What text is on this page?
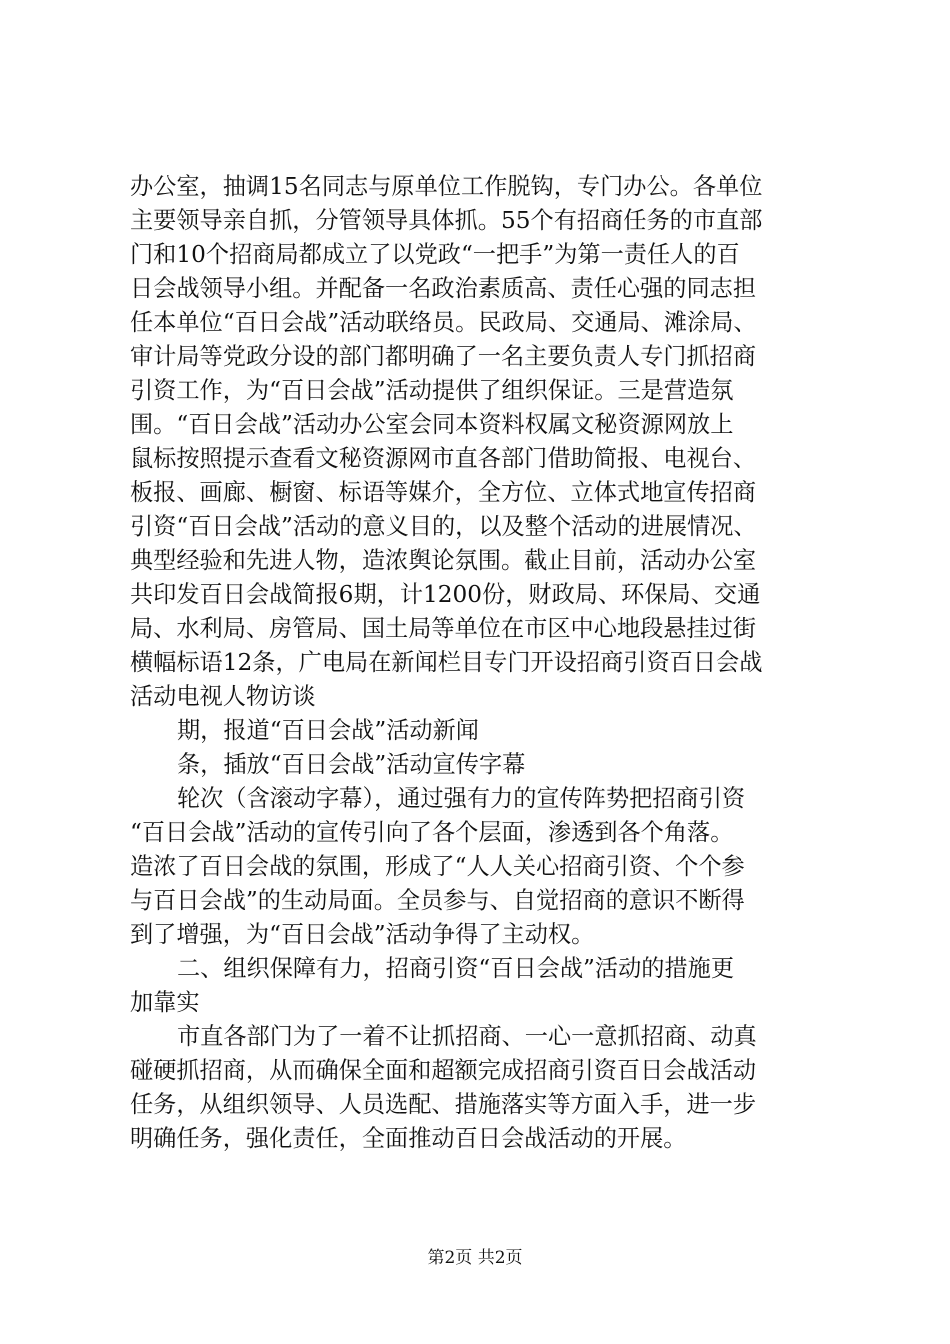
办公室，抽调15名同志与原单位工作脱钩，专门办公。各单位
主要领导亲自抓，分管领导具体抓。55个有招商任务的市直部
门和10个招商局都成立了以党政“一把手”为第一责任人的百
日会战领导小组。并配备一名政治素质高、责任心强的同志担
任本单位“百日会战”活动联络员。民政局、交通局、滩涂局、
审计局等党政分设的部门都明确了一名主要负责人专门抓招商
引资工作，为“百日会战”活动提供了组织保证。三是营造氛
围。“百日会战”活动办公室会同本资料权属文秘资源网放上
鼠标按照提示查看文秘资源网市直各部门借助简报、电视台、
板报、画廊、橱窗、标语等媒介，全方位、立体式地宣传招商
引资“百日会战”活动的意义目的，以及整个活动的进展情况、
典型经验和先进人物，造浓舆论氛围。截止目前，活动办公室
共印发百日会战简报6期，计1200份，财政局、环保局、交通
局、水利局、房管局、国土局等单位在市区中心地段悬挂过街
横幅标语12条，广电局在新闻栏目专门开设招商引资百日会战
活动电视人物访谈
期，报道“百日会战”活动新闻
条，插放“百日会战”活动宣传字幕
轮次（含滚动字幕），通过强有力的宣传阵势把招商引资
“百日会战”活动的宣传引向了各个层面，渗透到各个角落。
造浓了百日会战的氛围，形成了“人人关心招商引资、个个参
与百日会战”的生动局面。全员参与、自觉招商的意识不断得
到了增强，为“百日会战”活动争得了主动权。
二、组织保障有力，招商引资“百日会战”活动的措施更
加靠实
市直各部门为了一着不让抓招商、一心一意抓招商、动真
碰硬抓招商，从而确保全面和超额完成招商引资百日会战活动
任务，从组织领导、人员选配、措施落实等方面入手，进一步
明确任务，强化责任，全面推动百日会战活动的开展。
第2页 共2页
